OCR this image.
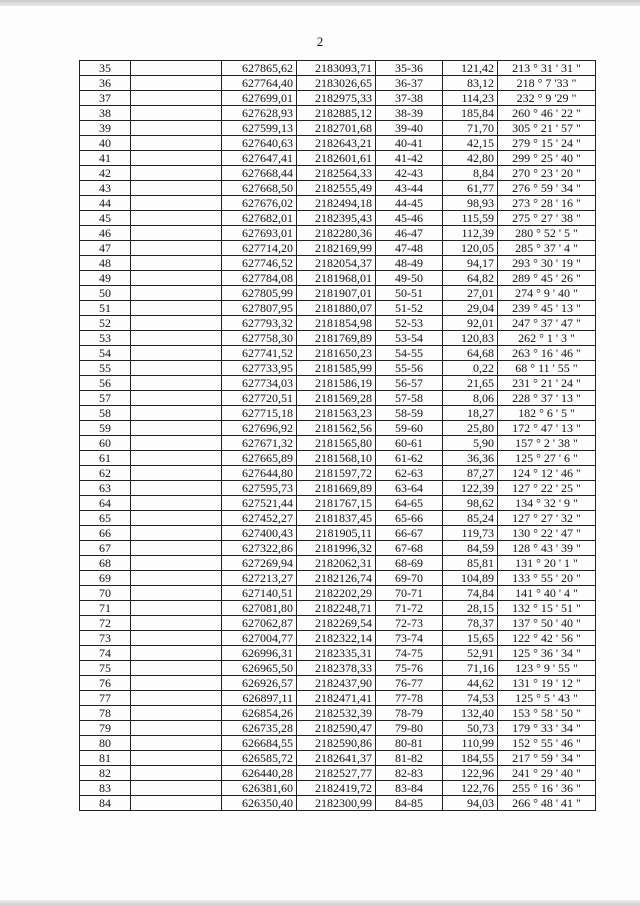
2
35		627865,62	2183093,71	35-36	121,42	213 ° 31 ' 31 "
36		627764,40	2183026,65	36-37	83,12	218 ° 7 '33 "
37		627699,01	2182975,33	37-38	114,23	232 ° 9 '29 "
38		627628,93	2182885,12	38-39	185,84	260 ° 46 ' 22 "
39		627599,13	2182701,68	39-40	71,70	305 ° 21 ' 57 "
40		627640,63	2182643,21	40-41	42,15	279 ° 15 ' 24 "
41		627647,41	2182601,61	41-42	42,80	299 ° 25 ' 40 "
42		627668,44	2182564,33	42-43	8,84	270 ° 23 ' 20 "
43		627668,50	2182555,49	43-44	61,77	276 ° 59 ' 34 "
44		627676,02	2182494,18	44-45	98,93	273 ° 28 ' 16 "
45		627682,01	2182395,43	45-46	115,59	275 ° 27 ' 38 "
46		627693,01	2182280,36	46-47	112,39	280 ° 52 ' 5 "
47		627714,20	2182169,99	47-48	120,05	285 ° 37 ' 4 "
48		627746,52	2182054,37	48-49	94,17	293 ° 30 ' 19 "
49		627784,08	2181968,01	49-50	64,82	289 ° 45 ' 26 "
50		627805,99	2181907,01	50-51	27,01	274 ° 9 ' 40 "
51		627807,95	2181880,07	51-52	29,04	239 ° 45 ' 13 "
52		627793,32	2181854,98	52-53	92,01	247 ° 37 ' 47 "
53		627758,30	2181769,89	53-54	120,83	262 ° 1 ' 3 "
54		627741,52	2181650,23	54-55	64,68	263 ° 16 ' 46 "
55		627733,95	2181585,99	55-56	0,22	68 ° 11 ' 55 "
56		627734,03	2181586,19	56-57	21,65	231 ° 21 ' 24 "
57		627720,51	2181569,28	57-58	8,06	228 ° 37 ' 13 "
58		627715,18	2181563,23	58-59	18,27	182 ° 6 ' 5 "
59		627696,92	2181562,56	59-60	25,80	172 ° 47 ' 13 "
60		627671,32	2181565,80	60-61	5,90	157 ° 2 ' 38 "
61		627665,89	2181568,10	61-62	36,36	125 ° 27 ' 6 "
62		627644,80	2181597,72	62-63	87,27	124 ° 12 ' 46 "
63		627595,73	2181669,89	63-64	122,39	127 ° 22 ' 25 "
64		627521,44	2181767,15	64-65	98,62	134 ° 32 ' 9 "
65		627452,27	2181837,45	65-66	85,24	127 ° 27 ' 32 "
66		627400,43	2181905,11	66-67	119,73	130 ° 22 ' 47 "
67		627322,86	2181996,32	67-68	84,59	128 ° 43 ' 39 "
68		627269,94	2182062,31	68-69	85,81	131 ° 20 ' 1 "
69		627213,27	2182126,74	69-70	104,89	133 ° 55 ' 20 "
70		627140,51	2182202,29	70-71	74,84	141 ° 40 ' 4 "
71		627081,80	2182248,71	71-72	28,15	132 ° 15 ' 51 "
72		627062,87	2182269,54	72-73	78,37	137 ° 50 ' 40 "
73		627004,77	2182322,14	73-74	15,65	122 ° 42 ' 56 "
74		626996,31	2182335,31	74-75	52,91	125 ° 36 ' 34 "
75		626965,50	2182378,33	75-76	71,16	123 ° 9 ' 55 "
76		626926,57	2182437,90	76-77	44,62	131 ° 19 ' 12 "
77		626897,11	2182471,41	77-78	74,53	125 ° 5 ' 43 "
78		626854,26	2182532,39	78-79	132,40	153 ° 58 ' 50 "
79		626735,28	2182590,47	79-80	50,73	179 ° 33 ' 34 "
80		626684,55	2182590,86	80-81	110,99	152 ° 55 ' 46 "
81		626585,72	2182641,37	81-82	184,55	217 ° 59 ' 34 "
82		626440,28	2182527,77	82-83	122,96	241 ° 29 ' 40 "
83		626381,60	2182419,72	83-84	122,76	255 ° 16 ' 36 "
84		626350,40	2182300,99	84-85	94,03	266 ° 48 ' 41 "
